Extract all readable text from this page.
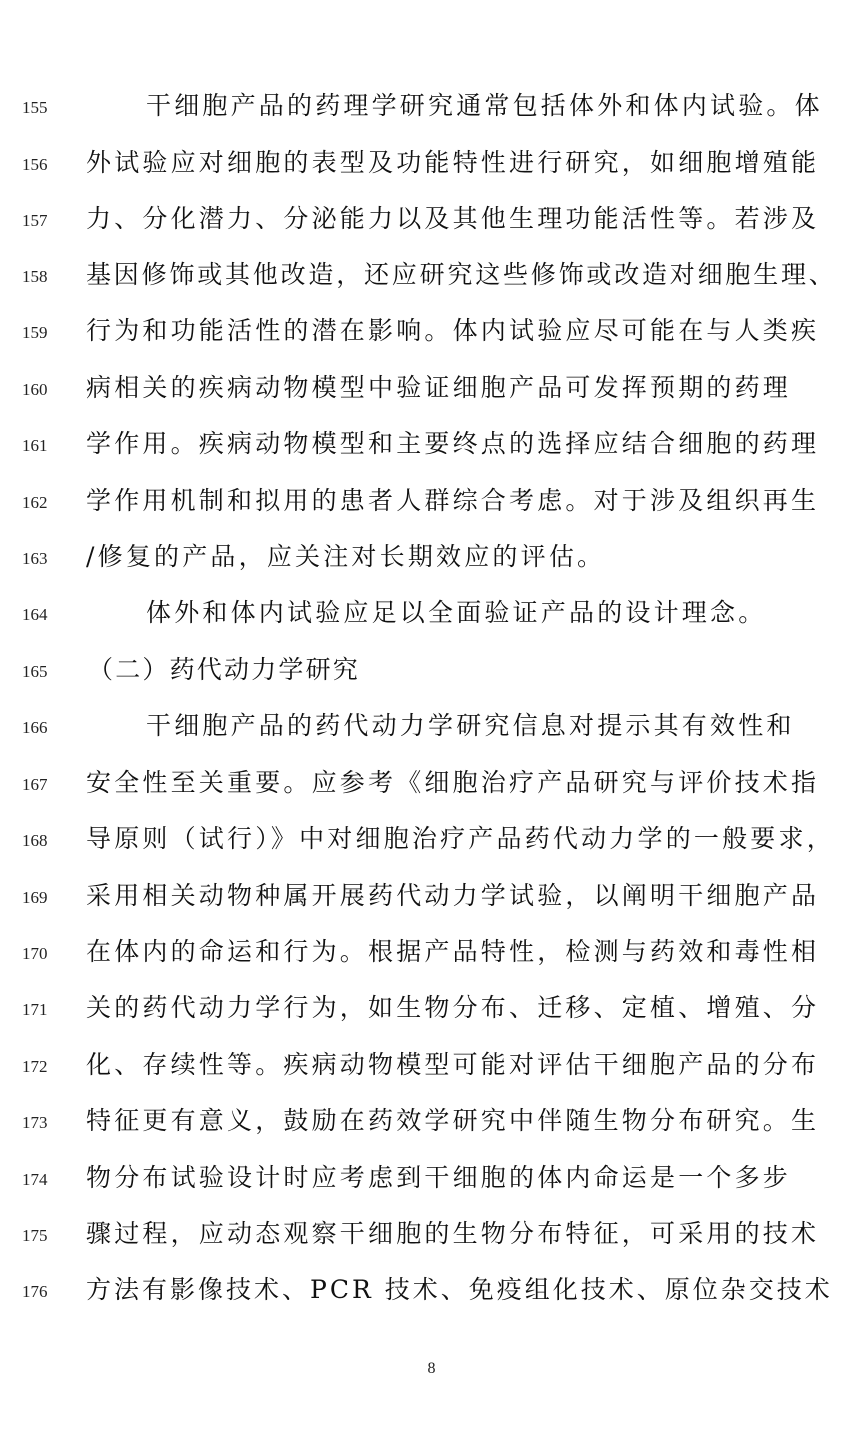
155	干细胞产品的药理学研究通常包括体外和体内试验。体
156 外试验应对细胞的表型及功能特性进行研究，如细胞增殖能
157 力、分化潜力、分泌能力以及其他生理功能活性等。若涉及
158 基因修饰或其他改造，还应研究这些修饰或改造对细胞生理、
159 行为和功能活性的潜在影响。体内试验应尽可能在与人类疾
160 病相关的疾病动物模型中验证细胞产品可发挥预期的药理
161 学作用。疾病动物模型和主要终点的选择应结合细胞的药理
162 学作用机制和拟用的患者人群综合考虑。对于涉及组织再生
163 /修复的产品，应关注对长期效应的评估。
164	体外和体内试验应足以全面验证产品的设计理念。
165 （二）药代动力学研究
166	干细胞产品的药代动力学研究信息对提示其有效性和
167 安全性至关重要。应参考《细胞治疗产品研究与评价技术指
168 导原则（试行）》中对细胞治疗产品药代动力学的一般要求，
169 采用相关动物种属开展药代动力学试验，以阐明干细胞产品
170 在体内的命运和行为。根据产品特性，检测与药效和毒性相
171 关的药代动力学行为，如生物分布、迁移、定植、增殖、分
172 化、存续性等。疾病动物模型可能对评估干细胞产品的分布
173 特征更有意义，鼓励在药效学研究中伴随生物分布研究。生
174 物分布试验设计时应考虑到干细胞的体内命运是一个多步
175 骤过程，应动态观察干细胞的生物分布特征，可采用的技术
176 方法有影像技术、PCR 技术、免疫组化技术、原位杂交技术
8
